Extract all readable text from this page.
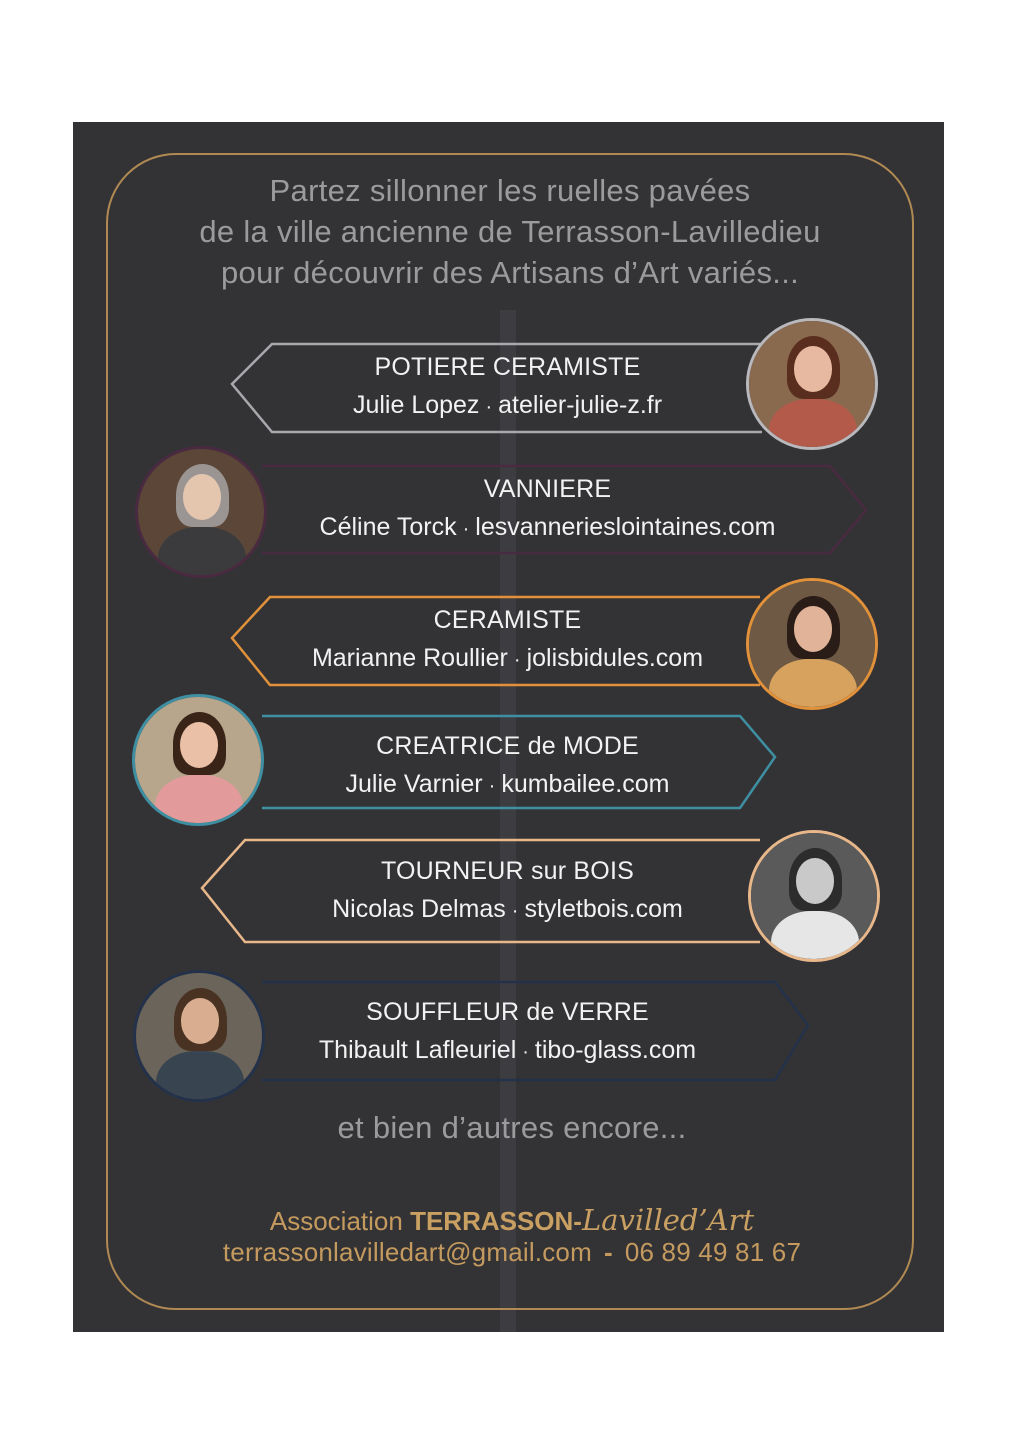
Partez sillonner les ruelles pavées
de la ville ancienne de Terrasson-Lavilledieu
pour découvrir des Artisans d’Art variés...
POTIERE CERAMISTE
Julie Lopez · atelier-julie-z.fr
VANNIERE
Céline Torck · lesvannerieslointaines.com
CERAMISTE
Marianne Roullier · jolisbidules.com
CREATRICE de MODE
Julie Varnier · kumbailee.com
TOURNEUR sur BOIS
Nicolas Delmas · styletbois.com
SOUFFLEUR de VERRE
Thibault Lafleuriel · tibo-glass.com
et bien d’autres encore...
Association TERRASSON-Lavilled’Art
terrassonlavilledart@gmail.com - 06 89 49 81 67
